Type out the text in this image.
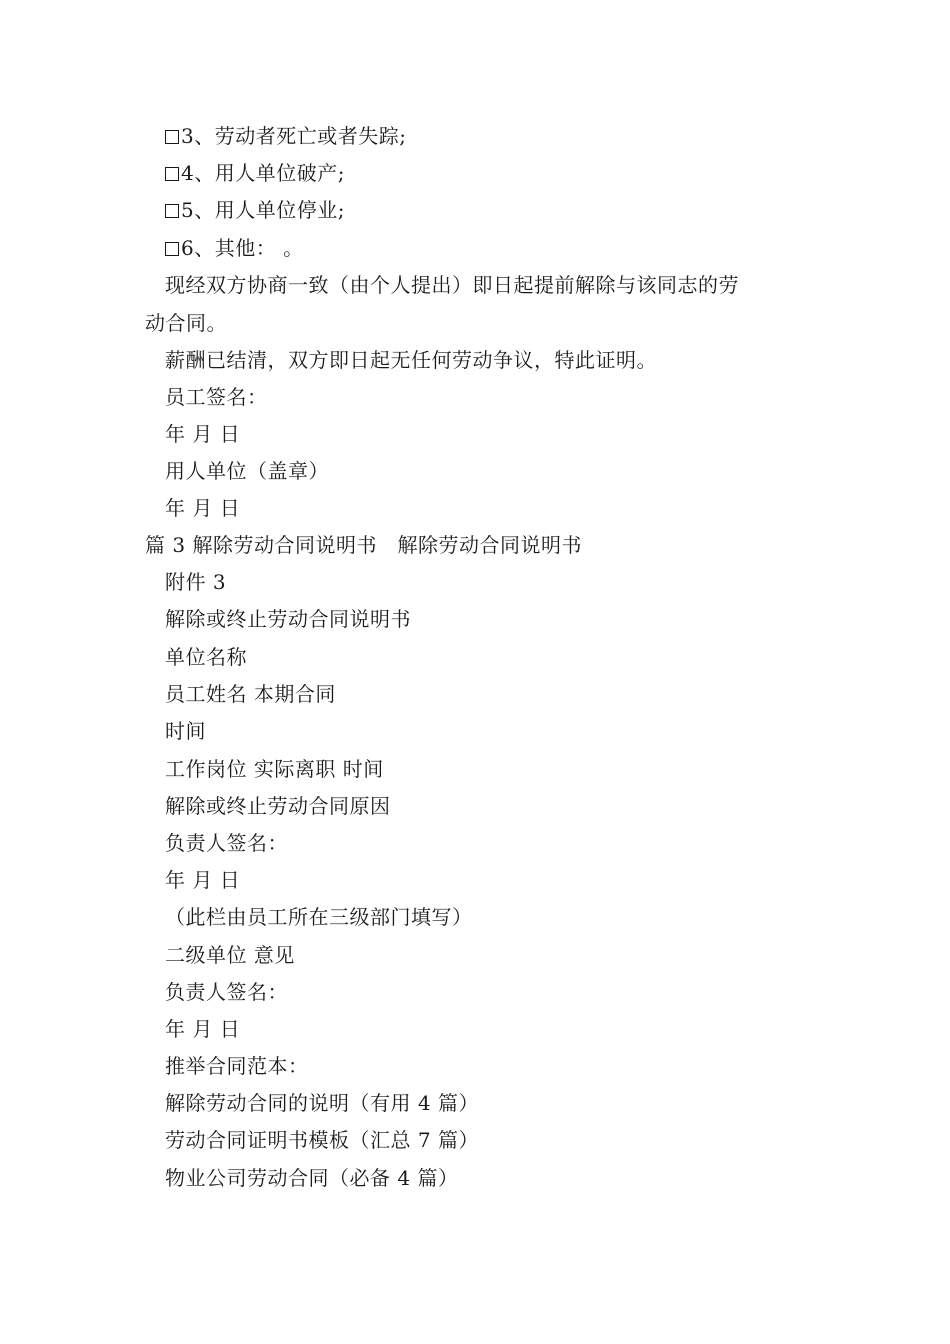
3、劳动者死亡或者失踪;
4、用人单位破产;
5、用人单位停业;
6、其他： 。
现经双方协商一致（由个人提出）即日起提前解除与该同志的劳
动合同。
薪酬已结清，双方即日起无任何劳动争议，特此证明。
员工签名：
年 月 日
用人单位（盖章）
年 月 日
篇 3 解除劳动合同说明书　解除劳动合同说明书
附件 3
解除或终止劳动合同说明书
单位名称
员工姓名 本期合同
时间
工作岗位 实际离职 时间
解除或终止劳动合同原因
负责人签名：
年 月 日
（此栏由员工所在三级部门填写）
二级单位 意见
负责人签名：
年 月 日
推举合同范本：
解除劳动合同的说明（有用 4 篇）
劳动合同证明书模板（汇总 7 篇）
物业公司劳动合同（必备 4 篇）
